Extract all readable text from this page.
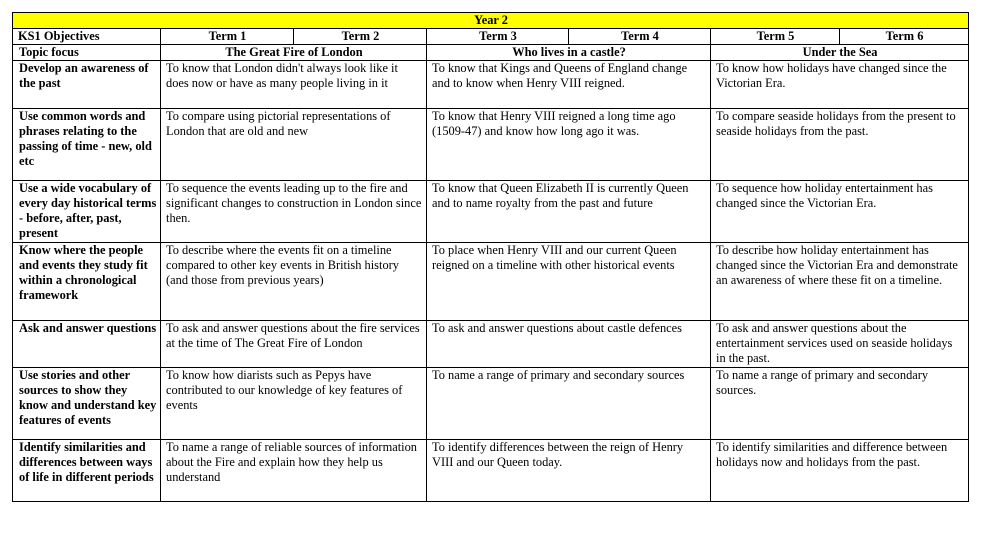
Year 2						
KS1 Objectives	Term 1	Term 2	Term 3	Term 4	Term 5	Term 6
Topic focus	The Great Fire of London		Who lives in a castle?		Under the Sea	
Develop an awareness of the past	To know that London didn't always look like it does now or have as many people living in it		To know that Kings and Queens of England change and to know when Henry VIII reigned.		To know how holidays have changed since the Victorian Era.	
Use common words and phrases relating to the passing of time - new, old etc	To compare using pictorial representations of London that are old and new		To know that Henry VIII reigned a long time ago (1509-47) and know how long ago it was.		To compare seaside holidays from the present to seaside holidays from the past.	
Use a wide vocabulary of every day historical terms - before, after, past, present	To sequence the events leading up to the fire and significant changes to construction in London since then.		To know that Queen Elizabeth II is currently Queen and to name royalty from the past and future		To sequence how holiday entertainment has changed since the Victorian Era.	
Know where the people and events they study fit within a chronological framework	To describe where the events fit on a timeline compared to other key events in British history (and those from previous years)		To place when Henry VIII and our current Queen reigned on a timeline with other historical events		To describe how holiday entertainment has changed since the Victorian Era and demonstrate an awareness of where these fit on a timeline.	
Ask and answer questions	To ask and answer questions about the fire services at the time of The Great Fire of London		To ask and answer questions about castle defences		To ask and answer questions about the entertainment services used on seaside holidays in the past.	
Use stories and other sources to show they know and understand key features of events	To know how diarists such as Pepys have contributed to our knowledge of key features of events		To name a range of primary and secondary sources		To name a range of primary and secondary sources.	
Identify similarities and differences between ways of life in different periods	To name a range of reliable sources of information about the Fire and explain how they help us understand		To identify differences between the reign of Henry VIII and our Queen today.		To identify similarities and difference between holidays now and holidays from the past.	
